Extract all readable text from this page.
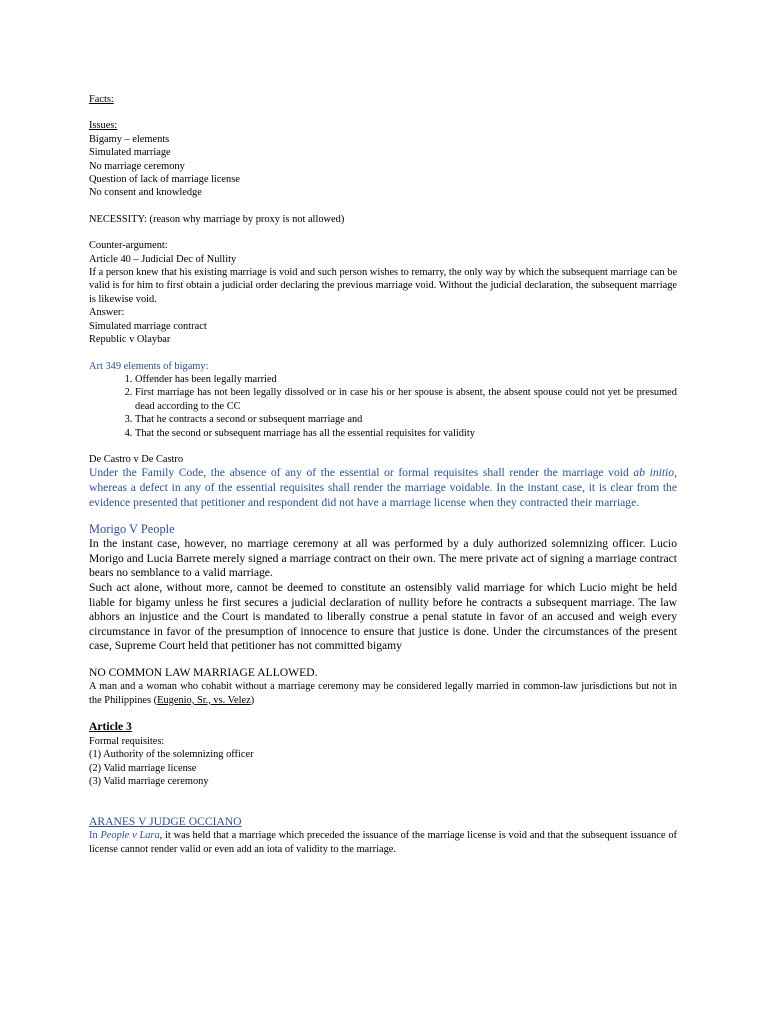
Facts:

Issues:

Bigamy – elements

Simulated marriage

No marriage ceremony

Question of lack of marriage license

No consent and knowledge

NECESSITY: (reason why marriage by proxy is not allowed)

Counter-argument:

Article 40 – Judicial Dec of Nullity

If a person knew that his existing marriage is void and such person wishes to remarry, the only way by which the subsequent marriage can be valid is for him to first obtain a judicial order declaring the previous marriage void. Without the judicial declaration, the subsequent marriage is likewise void.

Answer:

Simulated marriage contract

Republic v Olaybar

Art 349 elements of bigamy:

1. Offender has been legally married
2. First marriage has not been legally dissolved or in case his or her spouse is absent, the absent spouse could not yet be presumed dead according to the CC
3. That he contracts a second or subsequent marriage and
4. That the second or subsequent marriage has all the essential requisites for validity

De Castro v De Castro

Under the Family Code, the absence of any of the essential or formal requisites shall render the marriage void ab initio, whereas a defect in any of the essential requisites shall render the marriage voidable. In the instant case, it is clear from the evidence presented that petitioner and respondent did not have a marriage license when they contracted their marriage.

Morigo V People

In the instant case, however, no marriage ceremony at all was performed by a duly authorized solemnizing officer. Lucio Morigo and Lucia Barrete merely signed a marriage contract on their own. The mere private act of signing a marriage contract bears no semblance to a valid marriage.

Such act alone, without more, cannot be deemed to constitute an ostensibly valid marriage for which Lucio might be held liable for bigamy unless he first secures a judicial declaration of nullity before he contracts a subsequent marriage. The law abhors an injustice and the Court is mandated to liberally construe a penal statute in favor of an accused and weigh every circumstance in favor of the presumption of innocence to ensure that justice is done. Under the circumstances of the present case, Supreme Court held that petitioner has not committed bigamy

NO COMMON LAW MARRIAGE ALLOWED.

A man and a woman who cohabit without a marriage ceremony may be considered legally married in common-law jurisdictions but not in the Philippines (Eugenio, Sr., vs. Velez)

Article 3

Formal requisites:

(1) Authority of the solemnizing officer

(2) Valid marriage license

(3) Valid marriage ceremony

ARANES V JUDGE OCCIANO

In People v Lara, it was held that a marriage which preceded the issuance of the marriage license is void and that the subsequent issuance of license cannot render valid or even add an iota of validity to the marriage.
